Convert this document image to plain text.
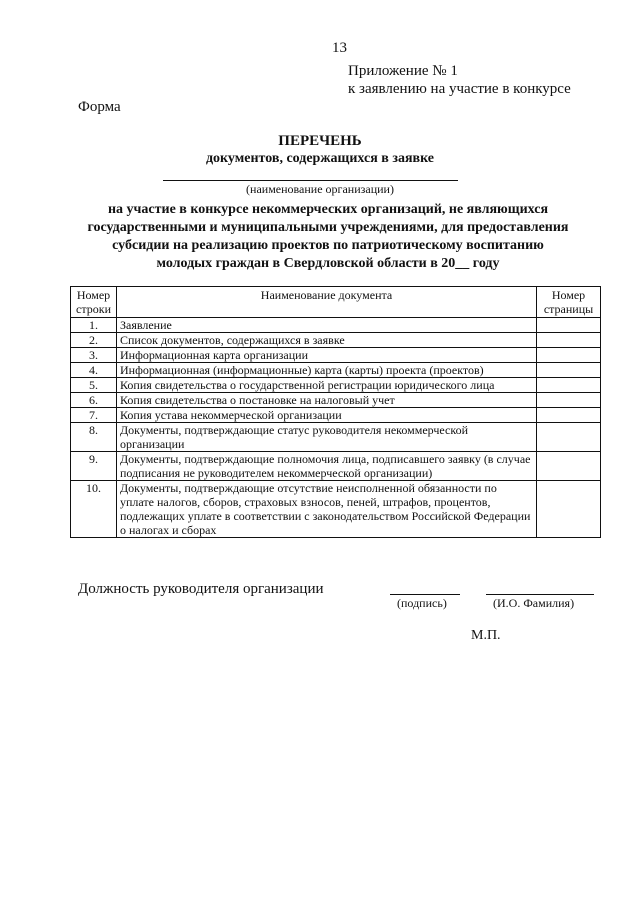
13
Приложение № 1
к заявлению на участие в конкурсе
Форма
ПЕРЕЧЕНЬ
документов, содержащихся в заявке
(наименование организации)
на участие в конкурсе некоммерческих организаций, не являющихся
государственными и муниципальными учреждениями, для предоставления
субсидии на реализацию проектов по патриотическому воспитанию
молодых граждан в Свердловской области в 20__ году
Номер строки	Наименование документа	Номер страницы
1.	Заявление	
2.	Список документов, содержащихся в заявке	
3.	Информационная карта организации	
4.	Информационная (информационные) карта (карты) проекта (проектов)	
5.	Копия свидетельства о государственной регистрации юридического лица	
6.	Копия свидетельства о постановке на налоговый учет	
7.	Копия устава некоммерческой организации	
8.	Документы, подтверждающие статус руководителя некоммерческой организации	
9.	Документы, подтверждающие полномочия лица, подписавшего заявку (в случае подписания не руководителем некоммерческой организации)	
10.	Документы, подтверждающие отсутствие неисполненной обязанности по уплате налогов, сборов, страховых взносов, пеней, штрафов, процентов, подлежащих уплате в соответствии с законодательством Российской Федерации о налогах и сборах	
Должность руководителя организации
(подпись)	(И.О. Фамилия)
М.П.
